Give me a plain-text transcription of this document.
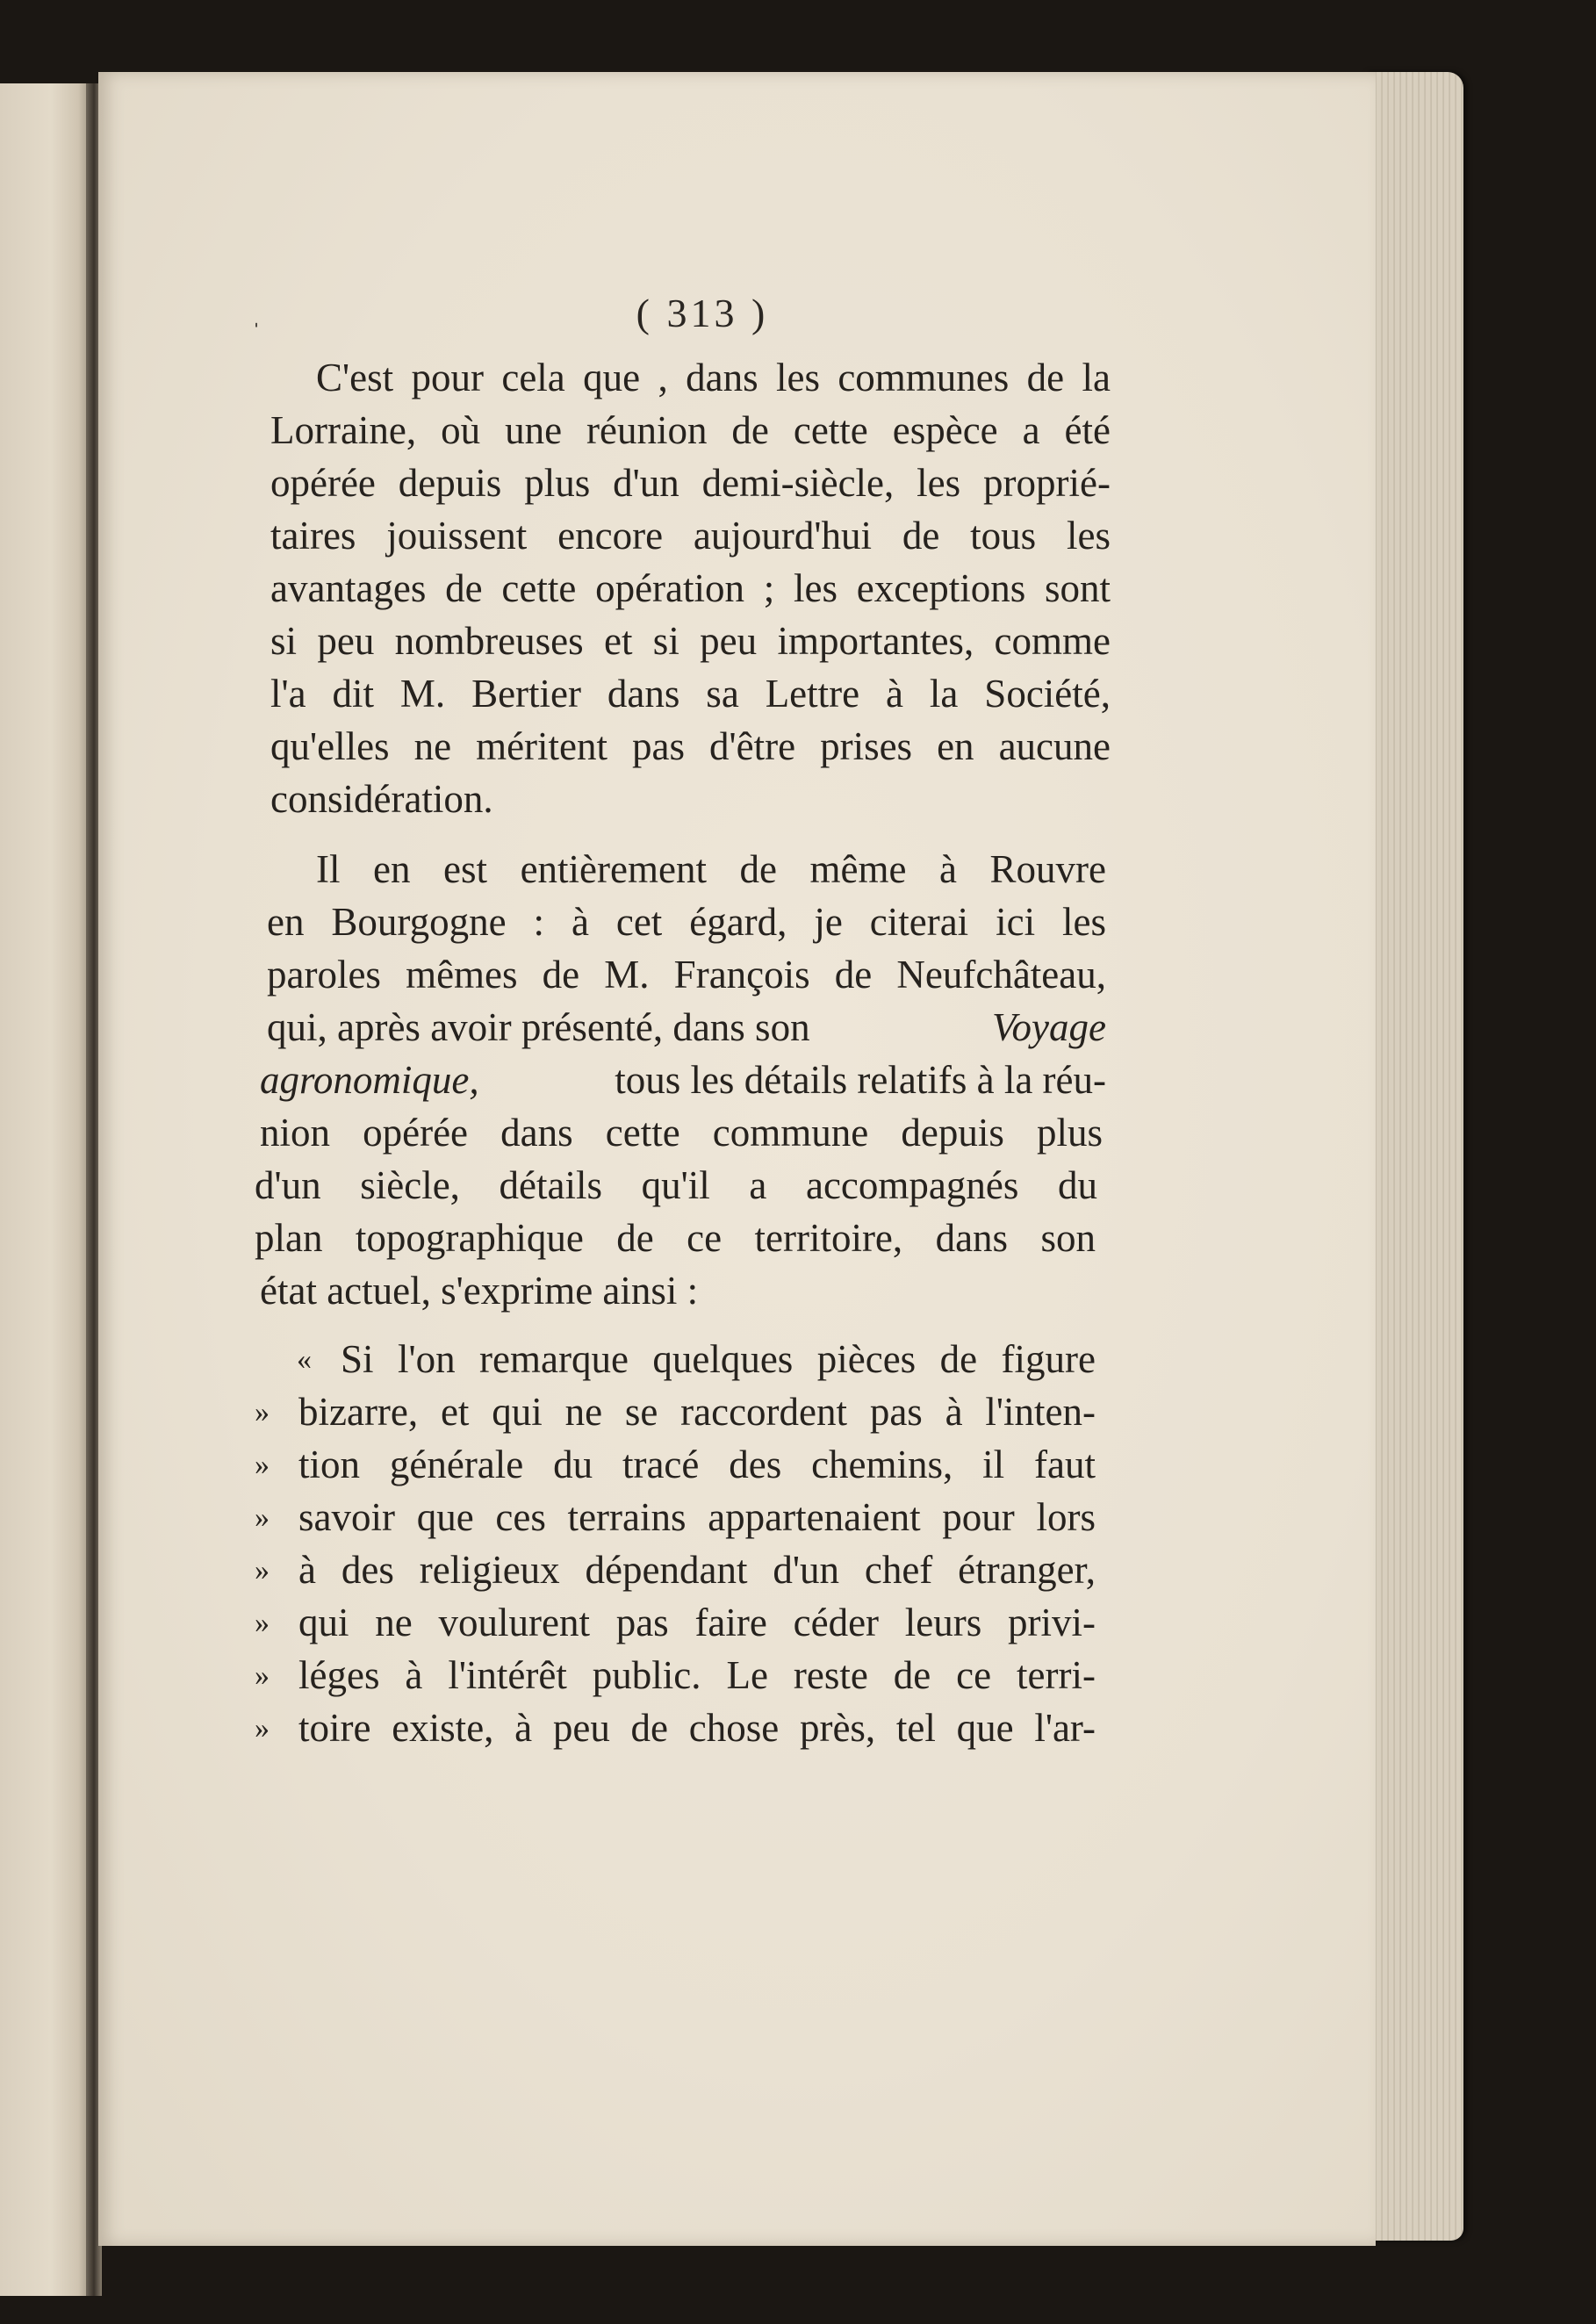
ˌ	( 313 )
C'est pour cela que , dans les communes de la
Lorraine, où une réunion de cette espèce a été
opérée depuis plus d'un demi-siècle, les proprié-
taires jouissent encore aujourd'hui de tous les
avantages de cette opération ; les exceptions sont
si peu nombreuses et si peu importantes, comme
l'a dit M. Bertier dans sa Lettre à la Société,
qu'elles ne méritent pas d'être prises en aucune
considération.
Il en est entièrement de même à Rouvre
en Bourgogne : à cet égard, je citerai ici les
paroles mêmes de M. François de Neufchâteau,
qui, après avoir présenté, dans son	Voyage
agronomique,	tous les détails relatifs à la réu-
nion opérée dans cette commune depuis plus
d'un siècle, détails qu'il a accompagnés du
plan topographique de ce territoire, dans son
état actuel, s'exprime ainsi :
« Si l'on remarque quelques pièces de figure
» bizarre, et qui ne se raccordent pas à l'inten-
» tion générale du tracé des chemins, il faut
» savoir que ces terrains appartenaient pour lors
» à des religieux dépendant d'un chef étranger,
» qui ne voulurent pas faire céder leurs privi-
» léges à l'intérêt public. Le reste de ce terri-
» toire existe, à peu de chose près, tel que l'ar-
